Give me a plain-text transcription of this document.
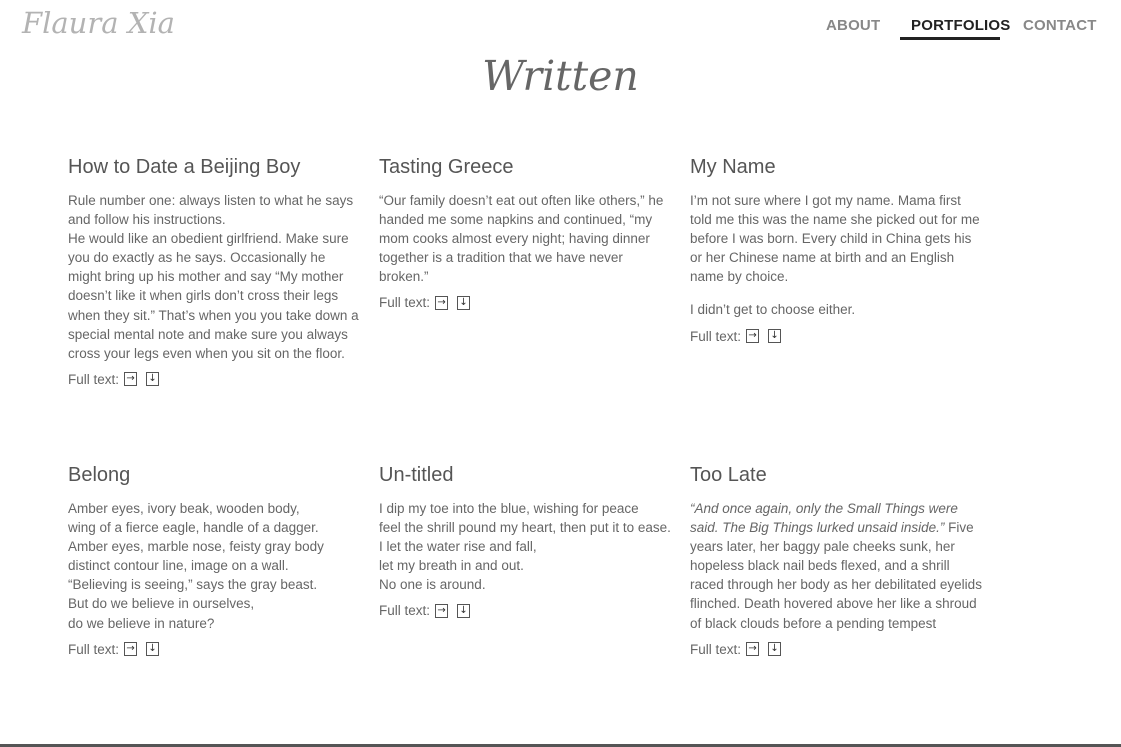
Flaura Xia	ABOUT PORTFOLIOS CONTACT
Written
How to Date a Beijing Boy

Rule number one: always listen to what he says and follow his instructions.
He would like an obedient girlfriend. Make sure you do exactly as he says. Occasionally he might bring up his mother and say “My mother doesn’t like it when girls don’t cross their legs when they sit.” That’s when you you take down a special mental note and make sure you always cross your legs even when you sit on the floor.

Full text: → ↓
Tasting Greece

“Our family doesn’t eat out often like others,” he handed me some napkins and continued, “my mom cooks almost every night; having dinner together is a tradition that we have never broken.”

Full text: → ↓
My Name

I’m not sure where I got my name. Mama first told me this was the name she picked out for me before I was born. Every child in China gets his or her Chinese name at birth and an English name by choice.

I didn’t get to choose either.

Full text: → ↓
Belong

Amber eyes, ivory beak, wooden body,
wing of a fierce eagle, handle of a dagger.
Amber eyes, marble nose, feisty gray body
distinct contour line, image on a wall.
“Believing is seeing,” says the gray beast.
But do we believe in ourselves,
do we believe in nature?

Full text: → ↓
Un-titled

I dip my toe into the blue, wishing for peace
feel the shrill pound my heart, then put it to ease.
I let the water rise and fall,
let my breath in and out.
No one is around.

Full text: → ↓
Too Late

“And once again, only the Small Things were said. The Big Things lurked unsaid inside.” Five years later, her baggy pale cheeks sunk, her hopeless black nail beds flexed, and a shrill raced through her body as her debilitated eyelids flinched. Death hovered above her like a shroud of black clouds before a pending tempest

Full text: → ↓
